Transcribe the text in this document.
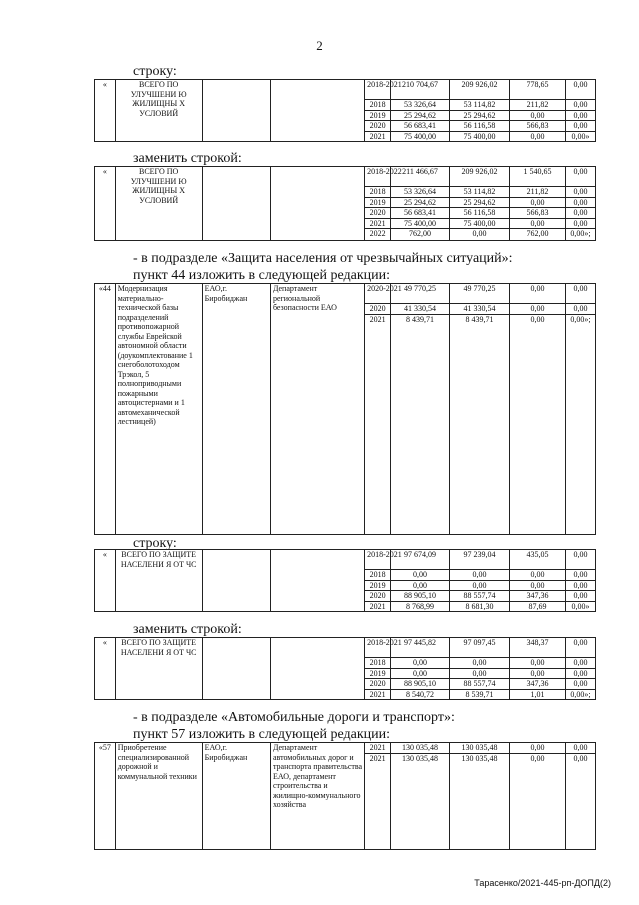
2
строку:
заменить строкой:
- в подразделе «Защита населения от чрезвычайных ситуаций»:
пункт 44 изложить в следующей редакции:
строку:
заменить строкой:
- в подразделе «Автомобильные дороги и транспорт»:
пункт 57 изложить в следующей редакции:
«	ВСЕГО ПО УЛУЧШЕНИ Ю ЖИЛИЩНЫ Х УСЛОВИЙ			2018-2021	210 704,67	209 926,02	778,65	0,00
				2018	53 326,64	53 114,82	211,82	0,00
				2019	25 294,62	25 294,62	0,00	0,00
				2020	56 683,41	56 116,58	566,83	0,00
				2021	75 400,00	75 400,00	0,00	0,00»
«	ВСЕГО ПО УЛУЧШЕНИ Ю ЖИЛИЩНЫ Х УСЛОВИЙ			2018-2022	211 466,67	209 926,02	1 540,65	0,00
				2018	53 326,64	53 114,82	211,82	0,00
				2019	25 294,62	25 294,62	0,00	0,00
				2020	56 683,41	56 116,58	566,83	0,00
				2021	75 400,00	75 400,00	0,00	0,00
				2022	762,00	0,00	762,00	0,00»;
«44	Модернизация материально-технической базы подразделений противопожарной службы Еврейской автономной области (доукомплектование 1 снегоболотоходом Трэкол, 5 полноприводными пожарными автоцистернами и 1 автомеханической лестницей)	ЕАО,г. Биробиджан	Департамент региональной безопасности ЕАО	2020-2021	49 770,25	49 770,25	0,00	0,00
				2020	41 330,54	41 330,54	0,00	0,00
				2021	8 439,71	8 439,71	0,00	0,00»;
«	ВСЕГО ПО ЗАЩИТЕ НАСЕЛЕНИ Я ОТ ЧС			2018-2021	97 674,09	97 239,04	435,05	0,00
				2018	0,00	0,00	0,00	0,00
				2019	0,00	0,00	0,00	0,00
				2020	88 905,10	88 557,74	347,36	0,00
				2021	8 768,99	8 681,30	87,69	0,00»
«	ВСЕГО ПО ЗАЩИТЕ НАСЕЛЕНИ Я ОТ ЧС			2018-2021	97 445,82	97 097,45	348,37	0,00
				2018	0,00	0,00	0,00	0,00
				2019	0,00	0,00	0,00	0,00
				2020	88 905,10	88 557,74	347,36	0,00
				2021	8 540,72	8 539,71	1,01	0,00»;
«57	Приобретение специализированной дорожной и коммунальной техники	ЕАО,г. Биробиджан	Департамент автомобильных дорог и транспорта правительства ЕАО, департамент строительства и жилищно-коммунального хозяйства	2021	130 035,48	130 035,48	0,00	0,00
				2021	130 035,48	130 035,48	0,00	0,00
Тарасенко/2021-445-рп-ДОПД(2)
